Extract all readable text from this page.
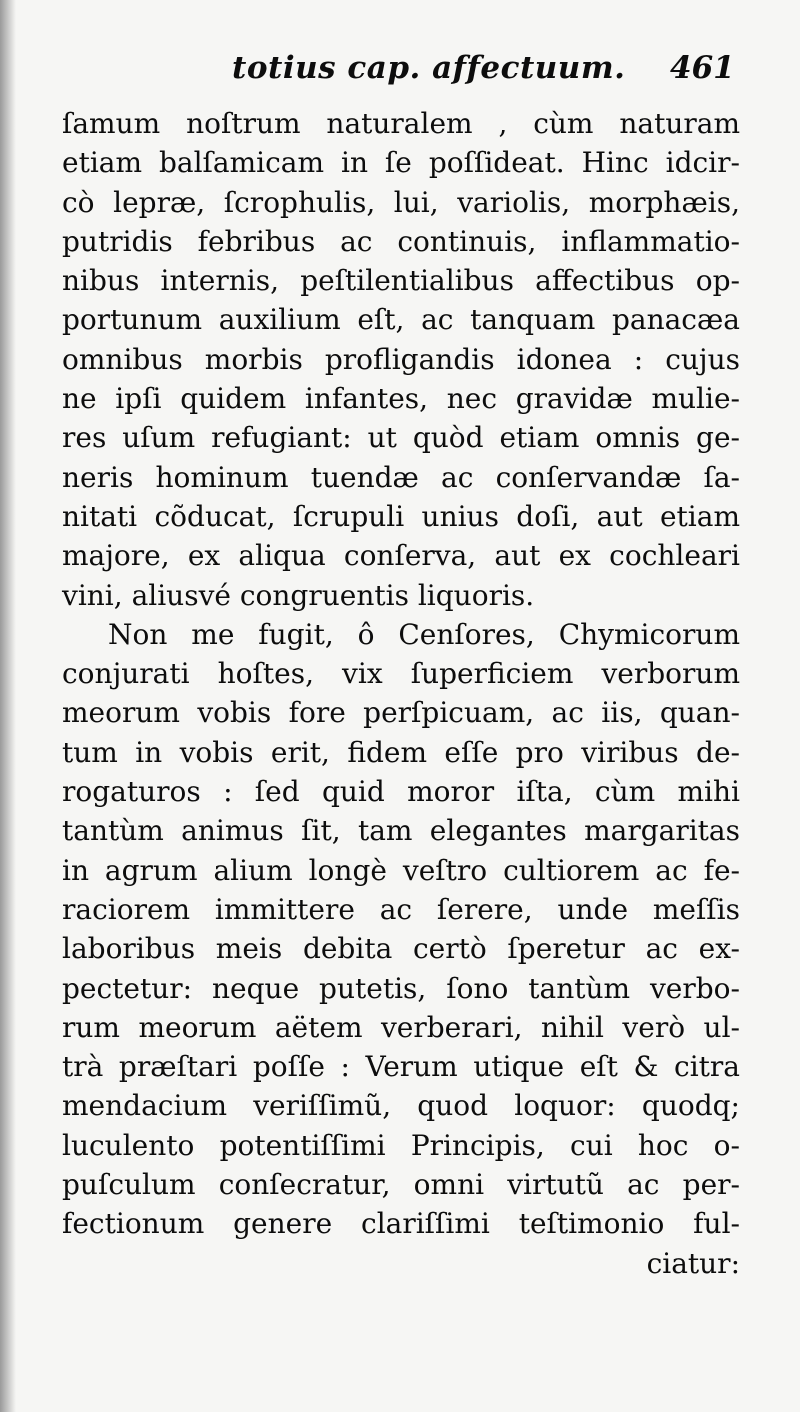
totius cap. affectuum. 461
ſamum noſtrum naturalem , cùm naturam
etiam balſamicam in ſe poſſideat. Hinc idcir-
cò lepræ, ſcrophulis, lui, variolis, morphæis,
putridis febribus ac continuis, inflammatio-
nibus internis, peſtilentialibus affectibus op-
portunum auxilium eſt, ac tanquam panacæa
omnibus morbis profligandis idonea : cujus
ne ipſi quidem infantes, nec gravidæ mulie-
res uſum refugiant: ut quòd etiam omnis ge-
neris hominum tuendæ ac conſervandæ ſa-
nitati cõducat, ſcrupuli unius doſi, aut etiam
majore, ex aliqua conſerva, aut ex cochleari
vini, aliusvé congruentis liquoris.
Non me fugit, ô Cenſores, Chymicorum
conjurati hoſtes, vix ſuperficiem verborum
meorum vobis fore perſpicuam, ac iis, quan-
tum in vobis erit, fidem eſſe pro viribus de-
rogaturos : ſed quid moror iſta, cùm mihi
tantùm animus ſit, tam elegantes margaritas
in agrum alium longè veſtro cultiorem ac fe-
raciorem immittere ac ſerere, unde meſſis
laboribus meis debita certò ſperetur ac ex-
pectetur: neque putetis, ſono tantùm verbo-
rum meorum aëtem verberari, nihil verò ul-
trà præſtari poſſe : Verum utique eſt & citra
mendacium veriſſimũ, quod loquor: quodq;
luculento potentiſſimi Principis, cui hoc o-
puſculum conſecratur, omni virtutũ ac per-
fectionum genere clariſſimi teſtimonio ful-
ciatur:
